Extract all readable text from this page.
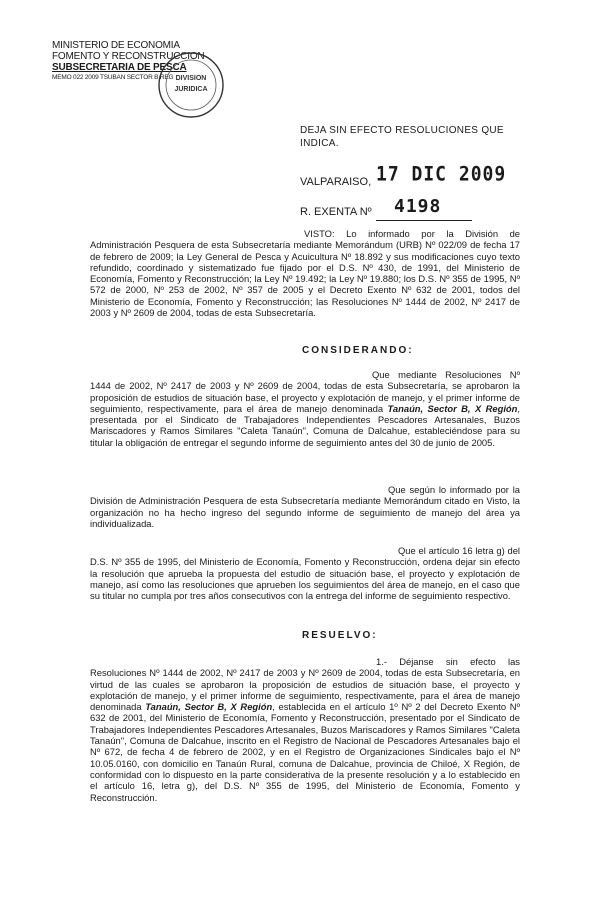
MINISTERIO DE ECONOMIA
FOMENTO Y RECONSTRUCCION
SUBSECRETARIA DE PESCA
MEMO 022 2009 TSUBAN SECTOR B REG DIVISION
JURIDICA
DEJA SIN EFECTO RESOLUCIONES QUE INDICA.
VALPARAISO, 17 DIC 2009
R. EXENTA Nº 4198
VISTO: Lo informado por la División de Administración Pesquera de esta Subsecretaría mediante Memorándum (URB) Nº 022/09 de fecha 17 de febrero de 2009; la Ley General de Pesca y Acuicultura Nº 18.892 y sus modificaciones cuyo texto refundido, coordinado y sistematizado fue fijado por el D.S. Nº 430, de 1991, del Ministerio de Economía, Fomento y Reconstrucción; la Ley Nº 19.492; la Ley Nº 19.880; los D.S. Nº 355 de 1995, Nº 572 de 2000, Nº 253 de 2002, Nº 357 de 2005 y el Decreto Exento Nº 632 de 2001, todos del Ministerio de Economía, Fomento y Reconstrucción; las Resoluciones Nº 1444 de 2002, Nº 2417 de 2003 y Nº 2609 de 2004, todas de esta Subsecretaría.
CONSIDERANDO:
Que mediante Resoluciones Nº 1444 de 2002, Nº 2417 de 2003 y Nº 2609 de 2004, todas de esta Subsecretaría, se aprobaron la proposición de estudios de situación base, el proyecto y explotación de manejo, y el primer informe de seguimiento, respectivamente, para el área de manejo denominada Tanaún, Sector B, X Región, presentada por el Sindicato de Trabajadores Independientes Pescadores Artesanales, Buzos Mariscadores y Ramos Similares "Caleta Tanaún", Comuna de Dalcahue, estableciéndose para su titular la obligación de entregar el segundo informe de seguimiento antes del 30 de junio de 2005.
Que según lo informado por la División de Administración Pesquera de esta Subsecretaría mediante Memorándum citado en Visto, la organización no ha hecho ingreso del segundo informe de seguimiento de manejo del área ya individualizada.
Que el artículo 16 letra g) del D.S. Nº 355 de 1995, del Ministerio de Economía, Fomento y Reconstrucción, ordena dejar sin efecto la resolución que aprueba la propuesta del estudio de situación base, el proyecto y explotación de manejo, así como las resoluciones que aprueben los seguimientos del área de manejo, en el caso que su titular no cumpla por tres años consecutivos con la entrega del informe de seguimiento respectivo.
RESUELVO:
1.- Déjanse sin efecto las Resoluciones Nº 1444 de 2002, Nº 2417 de 2003 y Nº 2609 de 2004, todas de esta Subsecretaría, en virtud de las cuales se aprobaron la proposición de estudios de situación base, el proyecto y explotación de manejo, y el primer informe de seguimiento, respectivamente, para el área de manejo denominada Tanaún, Sector B, X Región, establecida en el artículo 1º Nº 2 del Decreto Exento Nº 632 de 2001, del Ministerio de Economía, Fomento y Reconstrucción, presentado por el Sindicato de Trabajadores Independientes Pescadores Artesanales, Buzos Mariscadores y Ramos Similares "Caleta Tanaún", Comuna de Dalcahue, inscrito en el Registro de Nacional de Pescadores Artesanales bajo el Nº 672, de fecha 4 de febrero de 2002, y en el Registro de Organizaciones Sindicales bajo el Nº 10.05.0160, con domicilio en Tanaún Rural, comuna de Dalcahue, provincia de Chiloé, X Región, de conformidad con lo dispuesto en la parte considerativa de la presente resolución y a lo establecido en el artículo 16, letra g), del D.S. Nº 355 de 1995, del Ministerio de Economía, Fomento y Reconstrucción.
